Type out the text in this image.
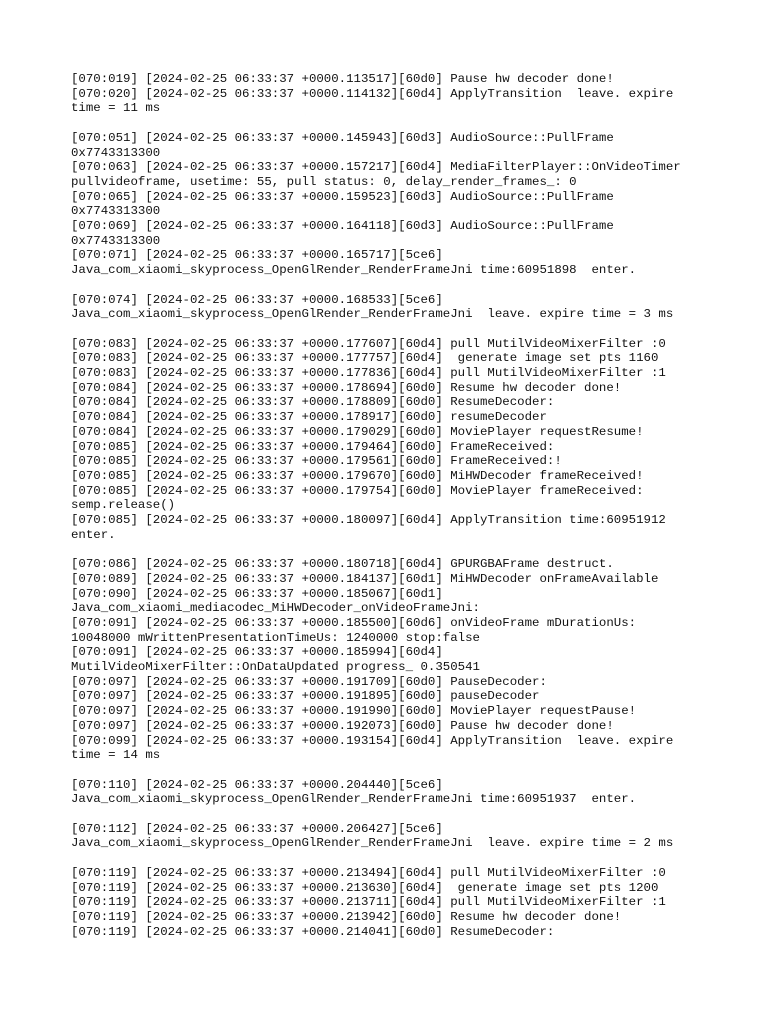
[070:019] [2024-02-25 06:33:37 +0000.113517][60d0] Pause hw decoder done!
[070:020] [2024-02-25 06:33:37 +0000.114132][60d4] ApplyTransition  leave. expire
time = 11 ms
[070:051] [2024-02-25 06:33:37 +0000.145943][60d3] AudioSource::PullFrame
0x7743313300
[070:063] [2024-02-25 06:33:37 +0000.157217][60d4] MediaFilterPlayer::OnVideoTimer
pullvideoframe, usetime: 55, pull status: 0, delay_render_frames_: 0
[070:065] [2024-02-25 06:33:37 +0000.159523][60d3] AudioSource::PullFrame
0x7743313300
[070:069] [2024-02-25 06:33:37 +0000.164118][60d3] AudioSource::PullFrame
0x7743313300
[070:071] [2024-02-25 06:33:37 +0000.165717][5ce6]
Java_com_xiaomi_skyprocess_OpenGlRender_RenderFrameJni time:60951898  enter.
[070:074] [2024-02-25 06:33:37 +0000.168533][5ce6]
Java_com_xiaomi_skyprocess_OpenGlRender_RenderFrameJni  leave. expire time = 3 ms
[070:083] [2024-02-25 06:33:37 +0000.177607][60d4] pull MutilVideoMixerFilter :0
[070:083] [2024-02-25 06:33:37 +0000.177757][60d4]  generate image set pts 1160
[070:083] [2024-02-25 06:33:37 +0000.177836][60d4] pull MutilVideoMixerFilter :1
[070:084] [2024-02-25 06:33:37 +0000.178694][60d0] Resume hw decoder done!
[070:084] [2024-02-25 06:33:37 +0000.178809][60d0] ResumeDecoder:
[070:084] [2024-02-25 06:33:37 +0000.178917][60d0] resumeDecoder
[070:084] [2024-02-25 06:33:37 +0000.179029][60d0] MoviePlayer requestResume!
[070:085] [2024-02-25 06:33:37 +0000.179464][60d0] FrameReceived:
[070:085] [2024-02-25 06:33:37 +0000.179561][60d0] FrameReceived:!
[070:085] [2024-02-25 06:33:37 +0000.179670][60d0] MiHWDecoder frameReceived!
[070:085] [2024-02-25 06:33:37 +0000.179754][60d0] MoviePlayer frameReceived:
semp.release()
[070:085] [2024-02-25 06:33:37 +0000.180097][60d4] ApplyTransition time:60951912
enter.
[070:086] [2024-02-25 06:33:37 +0000.180718][60d4] GPURGBAFrame destruct.
[070:089] [2024-02-25 06:33:37 +0000.184137][60d1] MiHWDecoder onFrameAvailable
[070:090] [2024-02-25 06:33:37 +0000.185067][60d1]
Java_com_xiaomi_mediacodec_MiHWDecoder_onVideoFrameJni:
[070:091] [2024-02-25 06:33:37 +0000.185500][60d6] onVideoFrame mDurationUs:
10048000 mWrittenPresentationTimeUs: 1240000 stop:false
[070:091] [2024-02-25 06:33:37 +0000.185994][60d4]
MutilVideoMixerFilter::OnDataUpdated progress_ 0.350541
[070:097] [2024-02-25 06:33:37 +0000.191709][60d0] PauseDecoder:
[070:097] [2024-02-25 06:33:37 +0000.191895][60d0] pauseDecoder
[070:097] [2024-02-25 06:33:37 +0000.191990][60d0] MoviePlayer requestPause!
[070:097] [2024-02-25 06:33:37 +0000.192073][60d0] Pause hw decoder done!
[070:099] [2024-02-25 06:33:37 +0000.193154][60d4] ApplyTransition  leave. expire
time = 14 ms
[070:110] [2024-02-25 06:33:37 +0000.204440][5ce6]
Java_com_xiaomi_skyprocess_OpenGlRender_RenderFrameJni time:60951937  enter.
[070:112] [2024-02-25 06:33:37 +0000.206427][5ce6]
Java_com_xiaomi_skyprocess_OpenGlRender_RenderFrameJni  leave. expire time = 2 ms
[070:119] [2024-02-25 06:33:37 +0000.213494][60d4] pull MutilVideoMixerFilter :0
[070:119] [2024-02-25 06:33:37 +0000.213630][60d4]  generate image set pts 1200
[070:119] [2024-02-25 06:33:37 +0000.213711][60d4] pull MutilVideoMixerFilter :1
[070:119] [2024-02-25 06:33:37 +0000.213942][60d0] Resume hw decoder done!
[070:119] [2024-02-25 06:33:37 +0000.214041][60d0] ResumeDecoder:
